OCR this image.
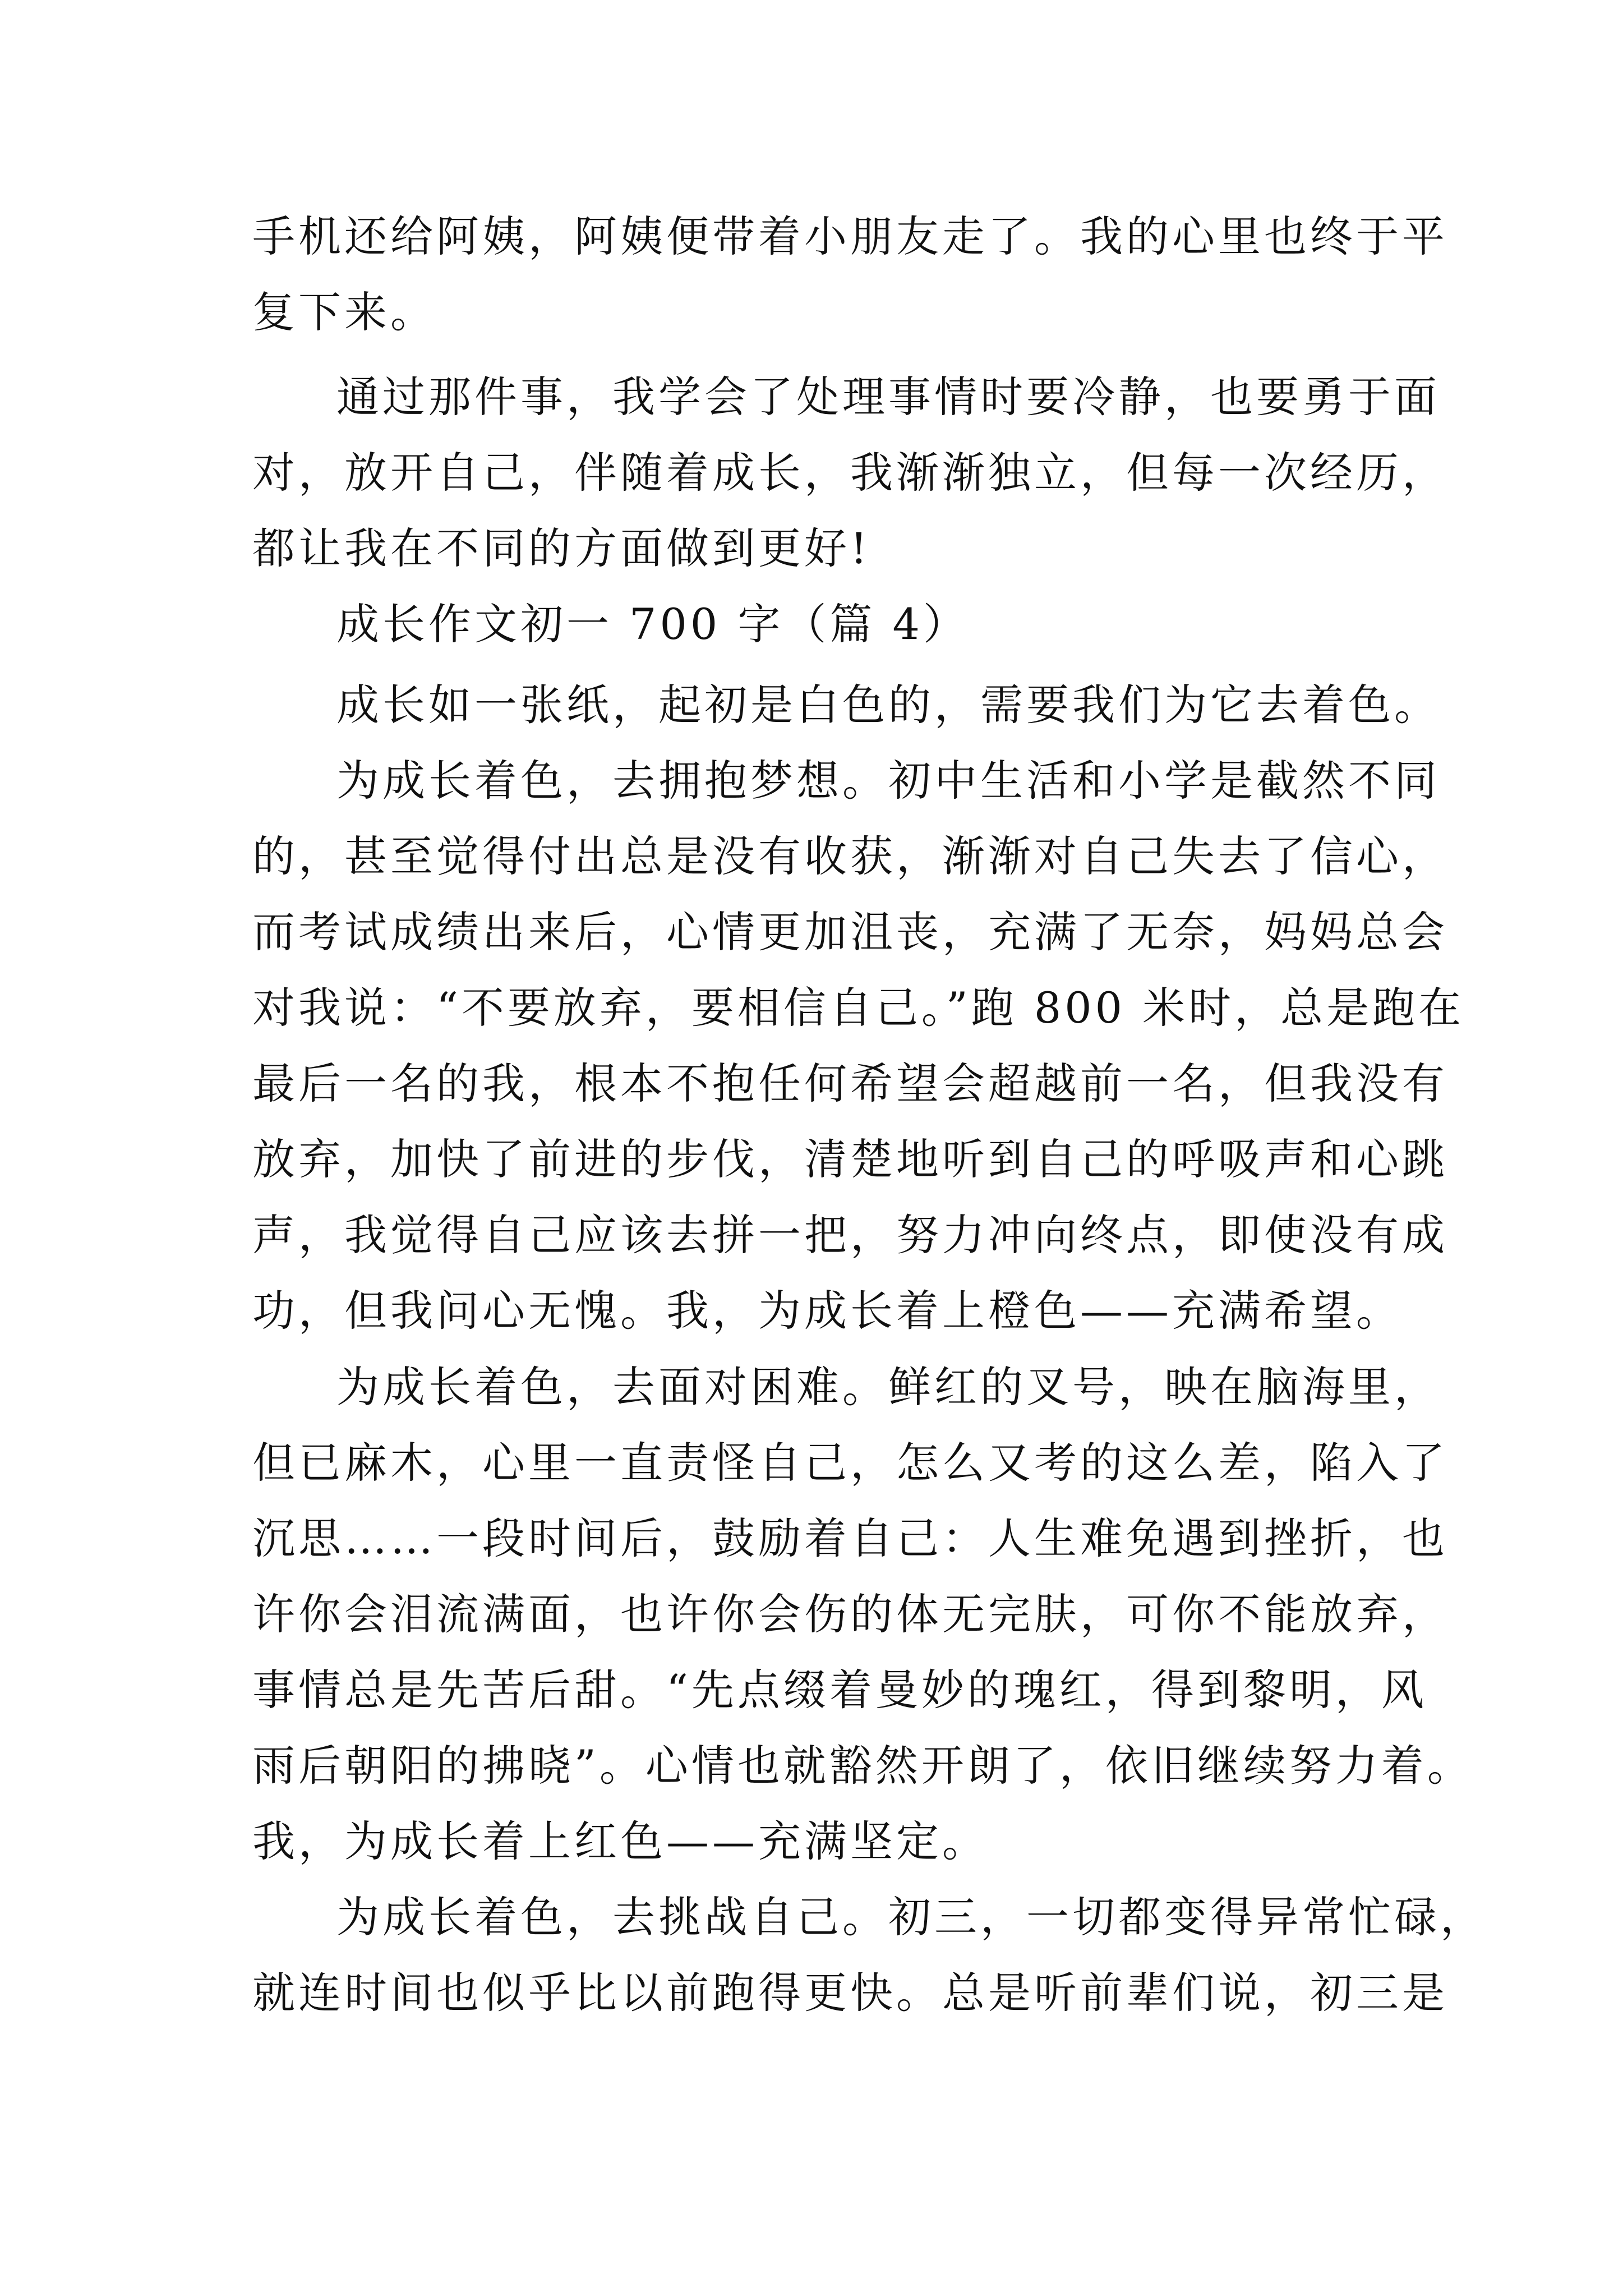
手机还给阿姨，阿姨便带着小朋友走了。我的心里也终于平

复下来。

通过那件事，我学会了处理事情时要冷静，也要勇于面

对，放开自己，伴随着成长，我渐渐独立，但每一次经历，

都让我在不同的方面做到更好!

成长作文初一 700 字（篇 4）

成长如一张纸，起初是白色的，需要我们为它去着色。

为成长着色，去拥抱梦想。初中生活和小学是截然不同

的，甚至觉得付出总是没有收获，渐渐对自己失去了信心，

而考试成绩出来后，心情更加沮丧，充满了无奈，妈妈总会

对我说：“不要放弃，要相信自己。”跑 800 米时，总是跑在

最后一名的我，根本不抱任何希望会超越前一名，但我没有

放弃，加快了前进的步伐，清楚地听到自己的呼吸声和心跳

声，我觉得自己应该去拼一把，努力冲向终点，即使没有成

功，但我问心无愧。我，为成长着上橙色——充满希望。

为成长着色，去面对困难。鲜红的叉号，映在脑海里，

但已麻木，心里一直责怪自己，怎么又考的这么差，陷入了

沉思……一段时间后，鼓励着自己：人生难免遇到挫折，也

许你会泪流满面，也许你会伤的体无完肤，可你不能放弃，

事情总是先苦后甜。“先点缀着曼妙的瑰红，得到黎明，风

雨后朝阳的拂晓”。心情也就豁然开朗了，依旧继续努力着。

我，为成长着上红色——充满坚定。

为成长着色，去挑战自己。初三，一切都变得异常忙碌，

就连时间也似乎比以前跑得更快。总是听前辈们说，初三是
